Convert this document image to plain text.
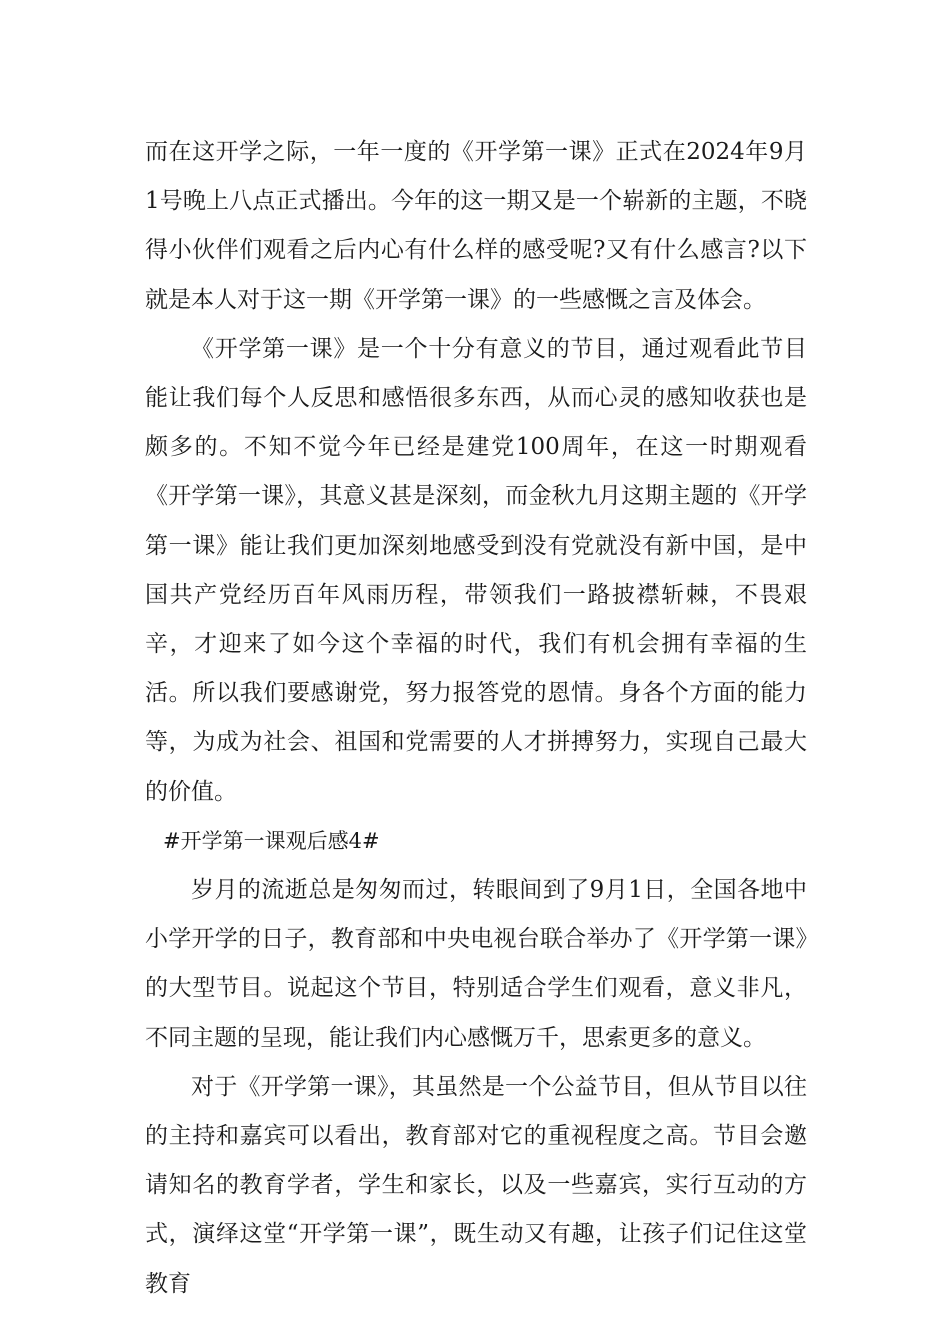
而在这开学之际，一年一度的《开学第一课》正式在2024年9月1号晚上八点正式播出。今年的这一期又是一个崭新的主题，不晓得小伙伴们观看之后内心有什么样的感受呢?又有什么感言?以下就是本人对于这一期《开学第一课》的一些感慨之言及体会。

《开学第一课》是一个十分有意义的节目，通过观看此节目能让我们每个人反思和感悟很多东西，从而心灵的感知收获也是颇多的。不知不觉今年已经是建党100周年，在这一时期观看《开学第一课》，其意义甚是深刻，而金秋九月这期主题的《开学第一课》能让我们更加深刻地感受到没有党就没有新中国，是中国共产党经历百年风雨历程，带领我们一路披襟斩棘，不畏艰辛，才迎来了如今这个幸福的时代，我们有机会拥有幸福的生活。所以我们要感谢党，努力报答党的恩情。身各个方面的能力等，为成为社会、祖国和党需要的人才拼搏努力，实现自己最大的价值。

#开学第一课观后感4#

岁月的流逝总是匆匆而过，转眼间到了9月1日，全国各地中小学开学的日子，教育部和中央电视台联合举办了《开学第一课》的大型节目。说起这个节目，特别适合学生们观看，意义非凡，不同主题的呈现，能让我们内心感慨万千，思索更多的意义。

对于《开学第一课》，其虽然是一个公益节目，但从节目以往的主持和嘉宾可以看出，教育部对它的重视程度之高。节目会邀请知名的教育学者，学生和家长，以及一些嘉宾，实行互动的方式，演绎这堂“开学第一课”，既生动又有趣，让孩子们记住这堂教育
